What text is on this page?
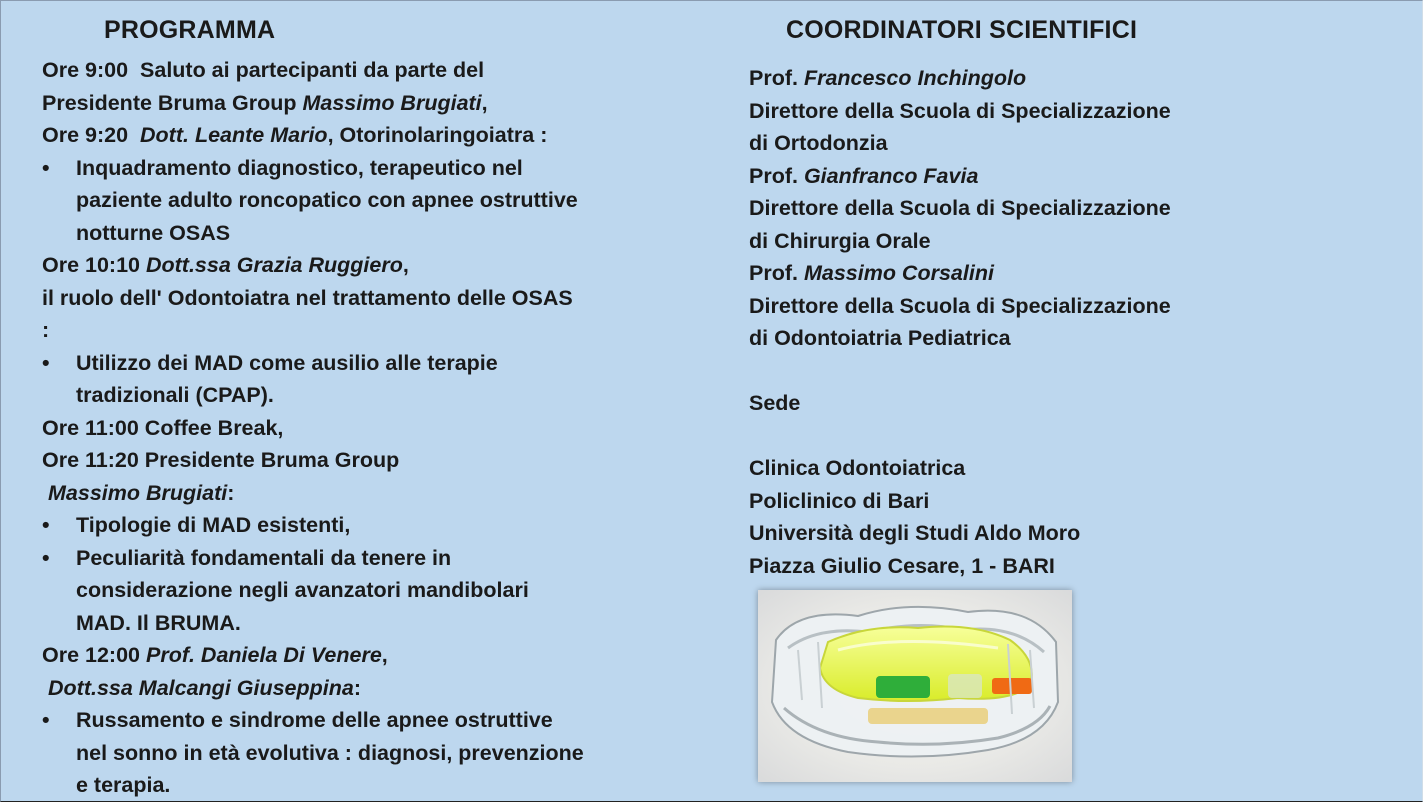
PROGRAMMA
Ore 9:00 Saluto ai partecipanti da parte del
Presidente Bruma Group Massimo Brugiati,
Ore 9:20 Dott. Leante Mario, Otorinolaringoiatra :
• Inquadramento diagnostico, terapeutico nel
paziente adulto roncopatico con apnee ostruttive
notturne OSAS
Ore 10:10 Dott.ssa Grazia Ruggiero,
il ruolo dell' Odontoiatra nel trattamento delle OSAS
:
• Utilizzo dei MAD come ausilio alle terapie
tradizionali (CPAP).
Ore 11:00 Coffee Break,
Ore 11:20 Presidente Bruma Group
Massimo Brugiati:
• Tipologie di MAD esistenti,
• Peculiarità fondamentali da tenere in
considerazione negli avanzatori mandibolari
MAD. Il BRUMA.
Ore 12:00 Prof. Daniela Di Venere,
Dott.ssa Malcangi Giuseppina:
• Russamento e sindrome delle apnee ostruttive
nel sonno in età evolutiva : diagnosi, prevenzione
e terapia.
COORDINATORI SCIENTIFICI
Prof. Francesco Inchingolo
Direttore della Scuola di Specializzazione
di Ortodonzia
Prof. Gianfranco Favia
Direttore della Scuola di Specializzazione
di Chirurgia Orale
Prof. Massimo Corsalini
Direttore della Scuola di Specializzazione
di Odontoiatria Pediatrica
Sede
Clinica Odontoiatrica
Policlinico di Bari
Università degli Studi Aldo Moro
Piazza Giulio Cesare, 1 - BARI
